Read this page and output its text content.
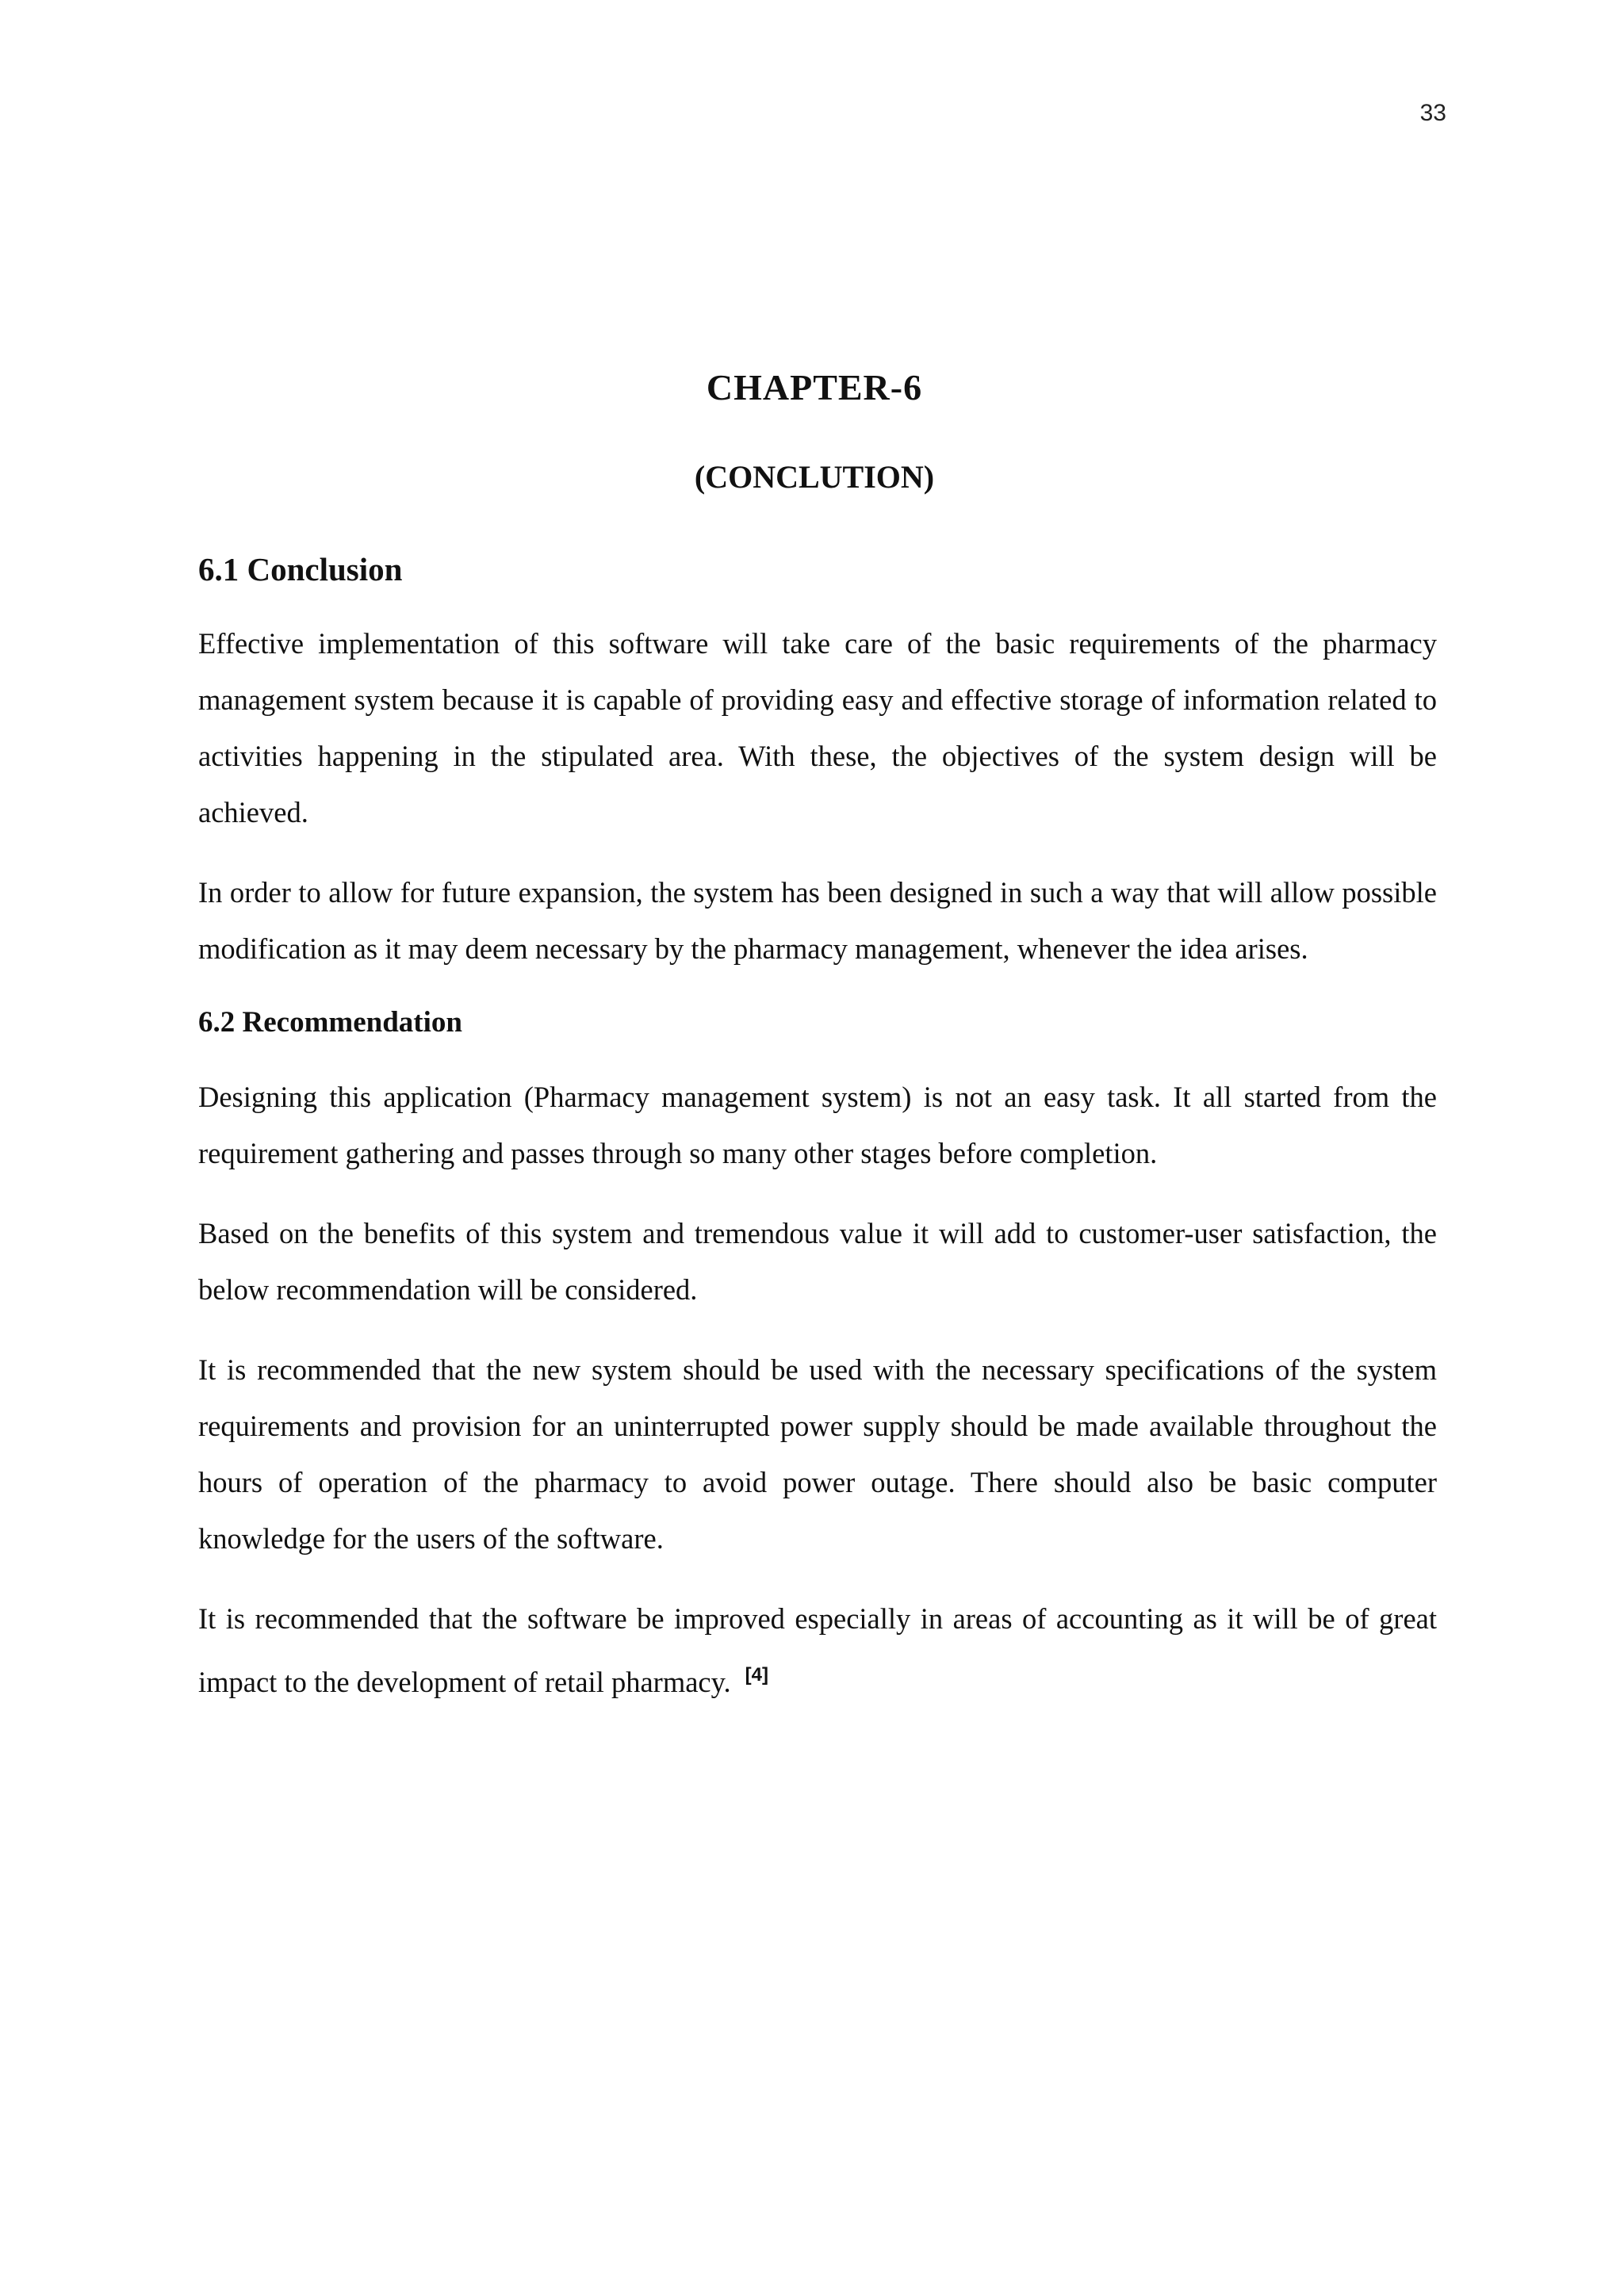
33
CHAPTER-6
(CONCLUTION)
6.1 Conclusion

Effective implementation of this software will take care of the basic requirements of the pharmacy management system because it is capable of providing easy and effective storage of information related to activities happening in the stipulated area. With these, the objectives of the system design will be achieved.

In order to allow for future expansion, the system has been designed in such a way that will allow possible modification as it may deem necessary by the pharmacy management, whenever the idea arises.

6.2 Recommendation

Designing this application (Pharmacy management system) is not an easy task. It all started from the requirement gathering and passes through so many other stages before completion.

Based on the benefits of this system and tremendous value it will add to customer-user satisfaction, the below recommendation will be considered.

It is recommended that the new system should be used with the necessary specifications of the system requirements and provision for an uninterrupted power supply should be made available throughout the hours of operation of the pharmacy to avoid power outage. There should also be basic computer knowledge for the users of the software.

It is recommended that the software be improved especially in areas of accounting as it will be of great impact to the development of retail pharmacy. [4]
